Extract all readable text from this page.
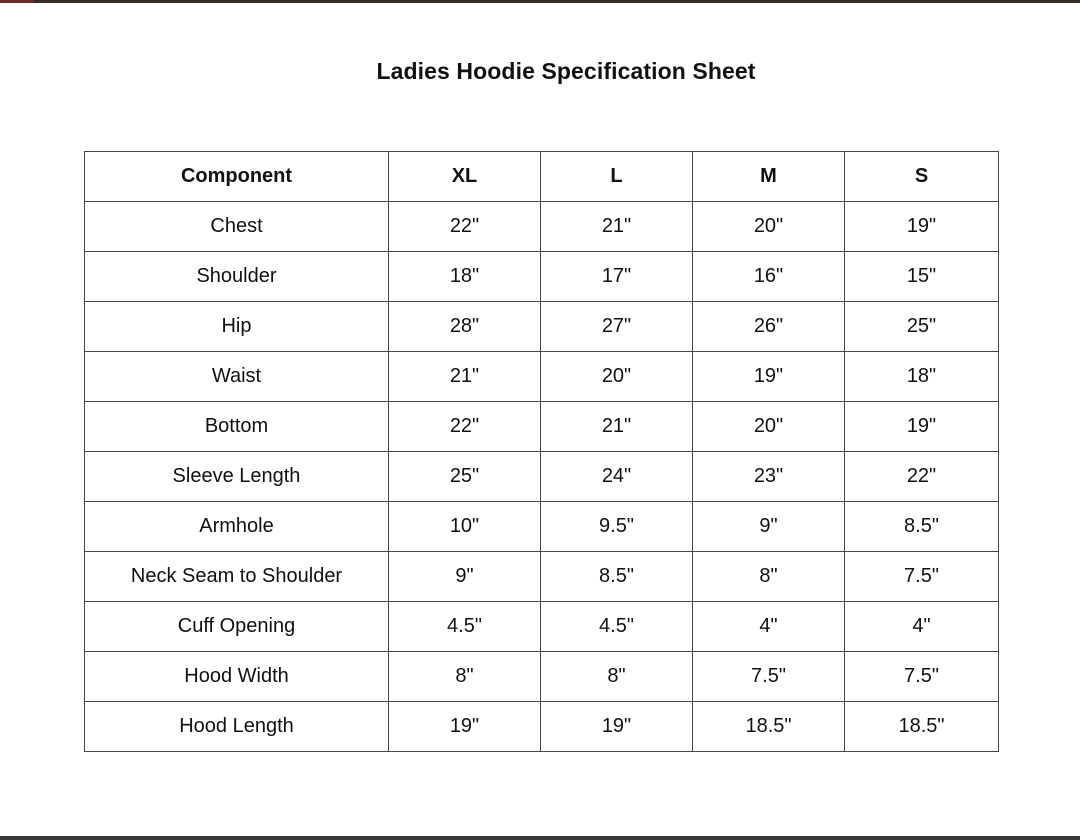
Ladies Hoodie Specification Sheet
Component	XL	L	M	S
Chest	22"	21"	20"	19"
Shoulder	18"	17"	16"	15"
Hip	28"	27"	26"	25"
Waist	21"	20"	19"	18"
Bottom	22"	21"	20"	19"
Sleeve Length	25"	24"	23"	22"
Armhole	10"	9.5"	9"	8.5"
Neck Seam to Shoulder	9"	8.5"	8"	7.5"
Cuff Opening	4.5"	4.5"	4"	4"
Hood Width	8"	8"	7.5"	7.5"
Hood Length	19"	19"	18.5"	18.5"
